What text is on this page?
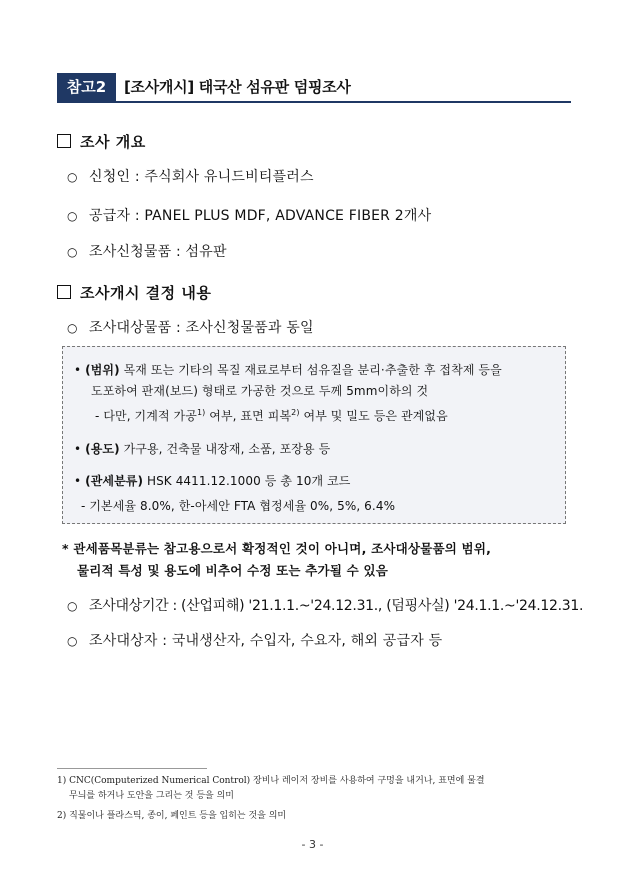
참고2	[조사개시] 태국산 섬유판 덤핑조사
조사 개요
○ 신청인 : 주식회사 유니드비티플러스
○ 공급자 : PANEL PLUS MDF, ADVANCE FIBER 2개사
○ 조사신청물품 : 섬유판
조사개시 결정 내용
○ 조사대상물품 : 조사신청물품과 동일
• (범위) 목재 또는 기타의 목질 재료로부터 섬유질을 분리·추출한 후 접착제 등을
도포하여 판재(보드) 형태로 가공한 것으로 두께 5mm이하의 것
- 다만, 기계적 가공$^{1)}$ 여부, 표면 피복$^{2)}$ 여부 및 밀도 등은 관계없음
• (용도) 가구용, 건축물 내장재, 소품, 포장용 등
• (관세분류) HSK 4411.12.1000 등 총 10개 코드
- 기본세율 8.0%, 한-아세안 FTA 협정세율 0%, 5%, 6.4%
* 관세품목분류는 참고용으로서 확정적인 것이 아니며, 조사대상물품의 범위,
물리적 특성 및 용도에 비추어 수정 또는 추가될 수 있음
○ 조사대상기간 : (산업피해) '21.1.1.~'24.12.31., (덤핑사실) '24.1.1.~'24.12.31.
○ 조사대상자 : 국내생산자, 수입자, 수요자, 해외 공급자 등
1) CNC(Computerized Numerical Control) 장비나 레이저 장비를 사용하여 구멍을 내거나, 표면에 물결
무늬를 하거나 도안을 그리는 것 등을 의미
2) 직물이나 플라스틱, 종이, 페인트 등을 입히는 것을 의미
- 3 -
